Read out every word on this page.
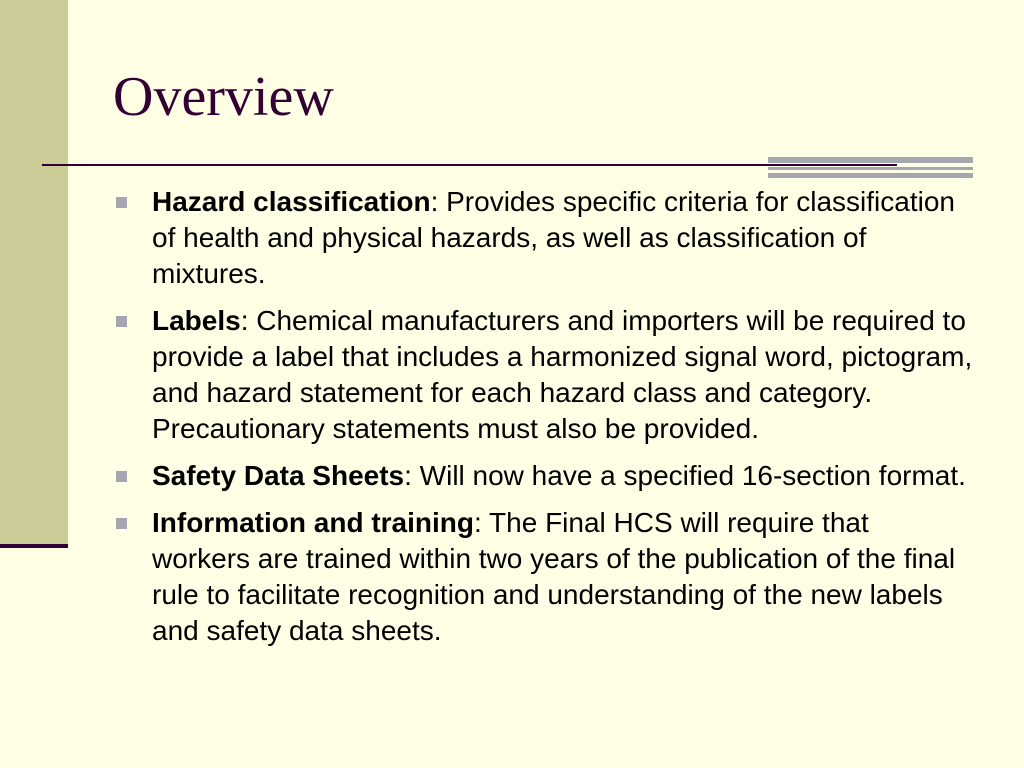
Overview
Hazard classification: Provides specific criteria for classification of health and physical hazards, as well as classification of mixtures.
Labels: Chemical manufacturers and importers will be required to provide a label that includes a harmonized signal word, pictogram, and hazard statement for each hazard class and category. Precautionary statements must also be provided.
Safety Data Sheets: Will now have a specified 16-section format.
Information and training: The Final HCS will require that workers are trained within two years of the publication of the final rule to facilitate recognition and understanding of the new labels and safety data sheets.
